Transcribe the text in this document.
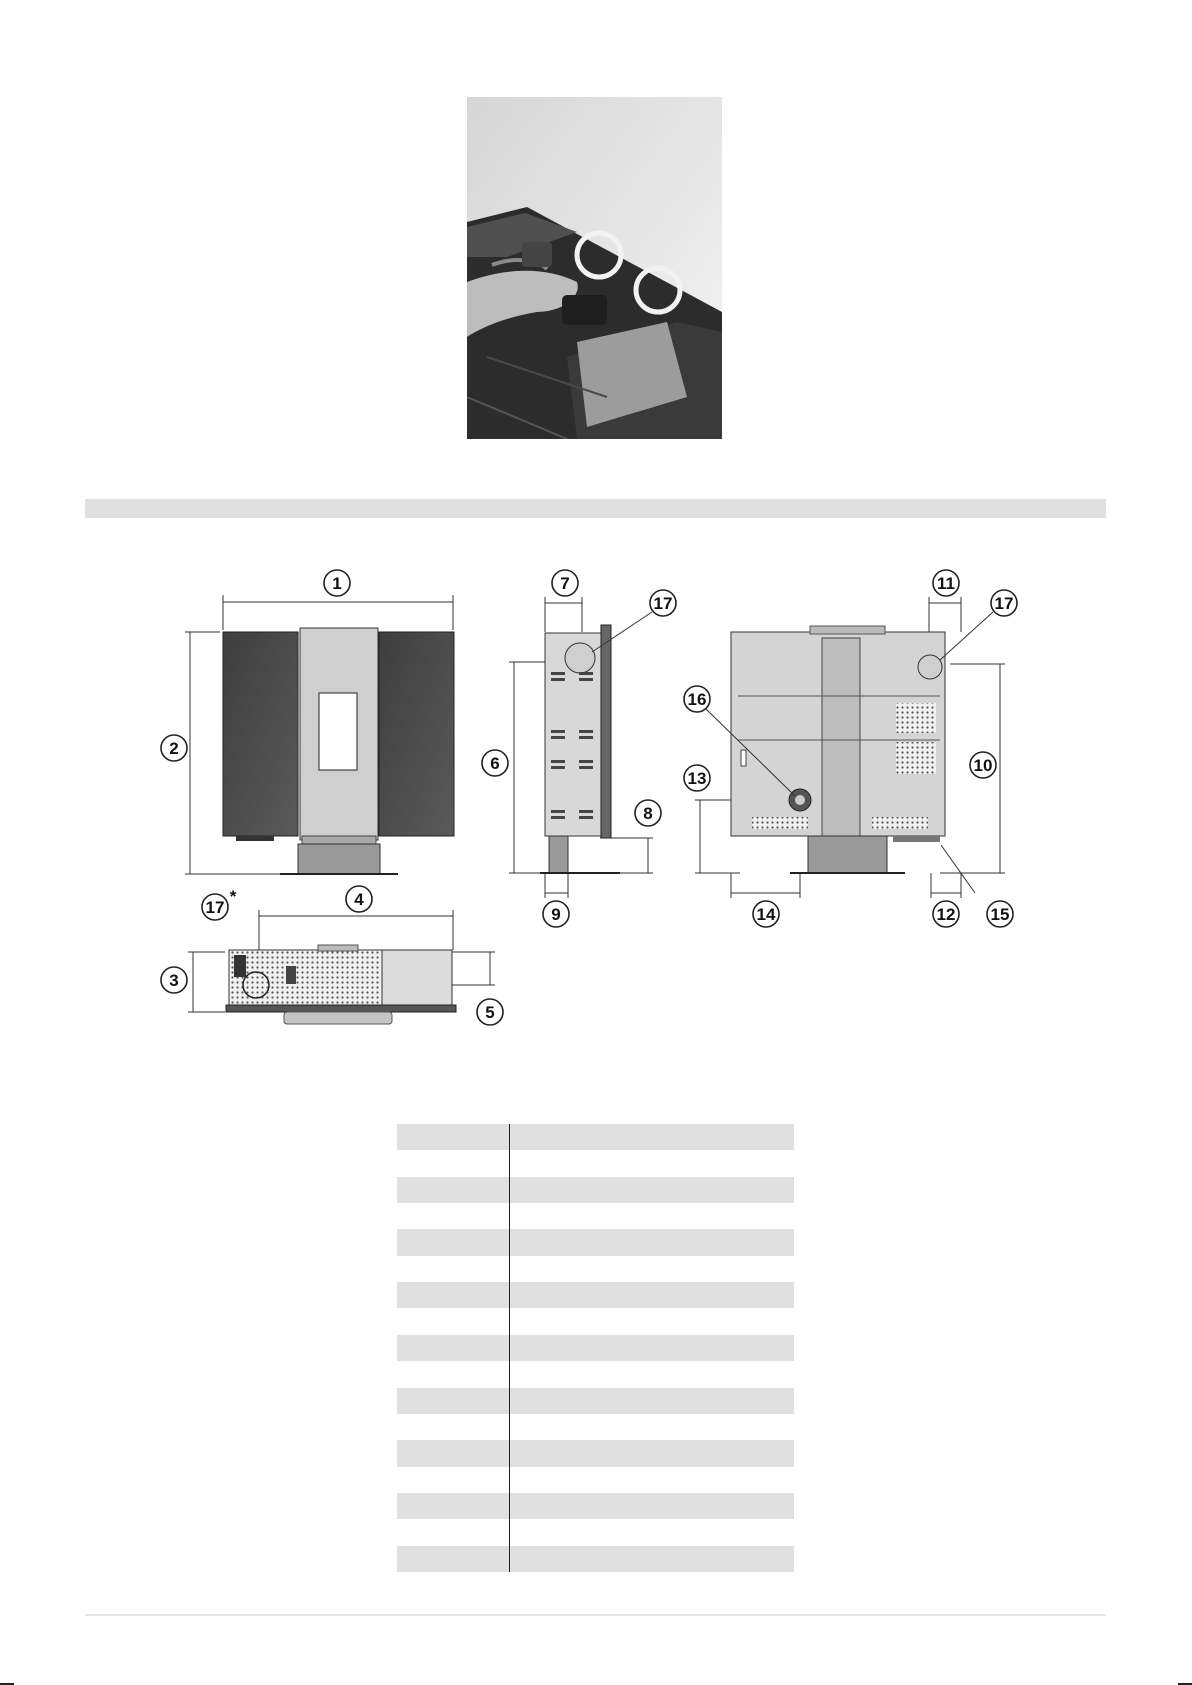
1
2
4
17
*
3
5
7
17
6
8
9
11
17
16
10
13
14	12 15
